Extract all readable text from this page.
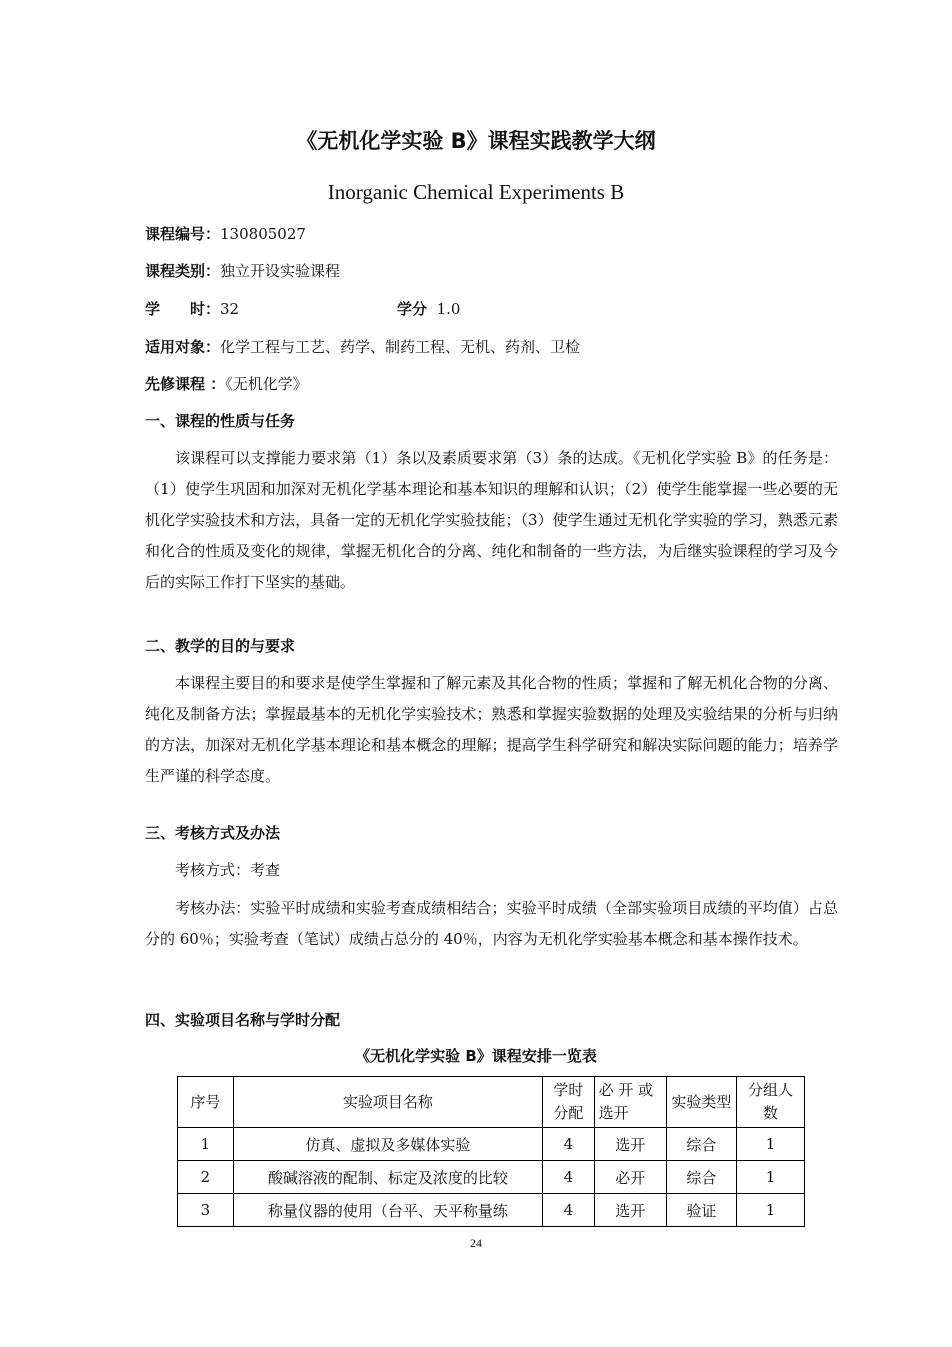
《无机化学实验 B》课程实践教学大纲
Inorganic Chemical Experiments B
课程编号：130805027
课程类别：独立开设实验课程
学　　时：32	学分 1.0
适用对象：化学工程与工艺、药学、制药工程、无机、药剂、卫检
先修课程 ：《无机化学》
一、课程的性质与任务
该课程可以支撑能力要求第（1）条以及素质要求第（3）条的达成。《无机化学实验 B》的任务是：（1）使学生巩固和加深对无机化学基本理论和基本知识的理解和认识；（2）使学生能掌握一些必要的无机化学实验技术和方法，具备一定的无机化学实验技能；（3）使学生通过无机化学实验的学习，熟悉元素和化合的性质及变化的规律，掌握无机化合的分离、纯化和制备的一些方法，为后继实验课程的学习及今后的实际工作打下坚实的基础。
二、教学的目的与要求
本课程主要目的和要求是使学生掌握和了解元素及其化合物的性质；掌握和了解无机化合物的分离、纯化及制备方法；掌握最基本的无机化学实验技术；熟悉和掌握实验数据的处理及实验结果的分析与归纳的方法，加深对无机化学基本理论和基本概念的理解；提高学生科学研究和解决实际问题的能力；培养学生严谨的科学态度。
三、考核方式及办法
考核方式：考查
考核办法：实验平时成绩和实验考查成绩相结合；实验平时成绩（全部实验项目成绩的平均值）占总分的 60％；实验考查（笔试）成绩占总分的 40％，内容为无机化学实验基本概念和基本操作技术。
四、实验项目名称与学时分配
《无机化学实验 B》课程安排一览表
序号	实验项目名称	学时分配	必 开 或选开	实验类型	分组人数
1	仿真、虚拟及多媒体实验	4	选开	综合	1
2	酸碱溶液的配制、标定及浓度的比较	4	必开	综合	1
3	称量仪器的使用（台平、天平称量练	4	选开	验证	1
24
